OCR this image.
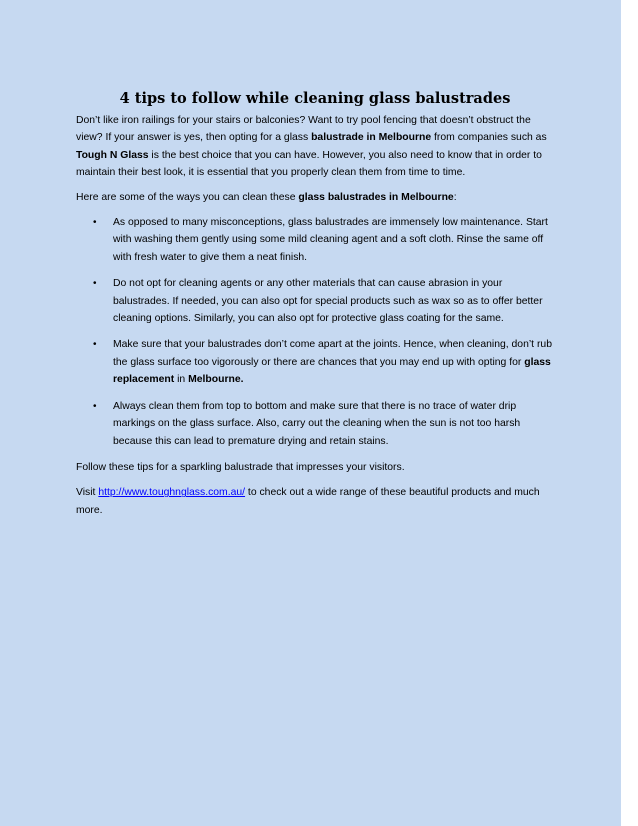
4 tips to follow while cleaning glass balustrades

Don’t like iron railings for your stairs or balconies? Want to try pool fencing that doesn’t obstruct the view? If your answer is yes, then opting for a glass balustrade in Melbourne from companies such as Tough N Glass is the best choice that you can have. However, you also need to know that in order to maintain their best look, it is essential that you properly clean them from time to time.

Here are some of the ways you can clean these glass balustrades in Melbourne:

• As opposed to many misconceptions, glass balustrades are immensely low maintenance. Start with washing them gently using some mild cleaning agent and a soft cloth. Rinse the same off with fresh water to give them a neat finish.
• Do not opt for cleaning agents or any other materials that can cause abrasion in your balustrades. If needed, you can also opt for special products such as wax so as to offer better cleaning options. Similarly, you can also opt for protective glass coating for the same.
• Make sure that your balustrades don’t come apart at the joints. Hence, when cleaning, don’t rub the glass surface too vigorously or there are chances that you may end up with opting for glass replacement in Melbourne.
• Always clean them from top to bottom and make sure that there is no trace of water drip markings on the glass surface. Also, carry out the cleaning when the sun is not too harsh because this can lead to premature drying and retain stains.

Follow these tips for a sparkling balustrade that impresses your visitors.

Visit http://www.toughnglass.com.au/ to check out a wide range of these beautiful products and much more.
